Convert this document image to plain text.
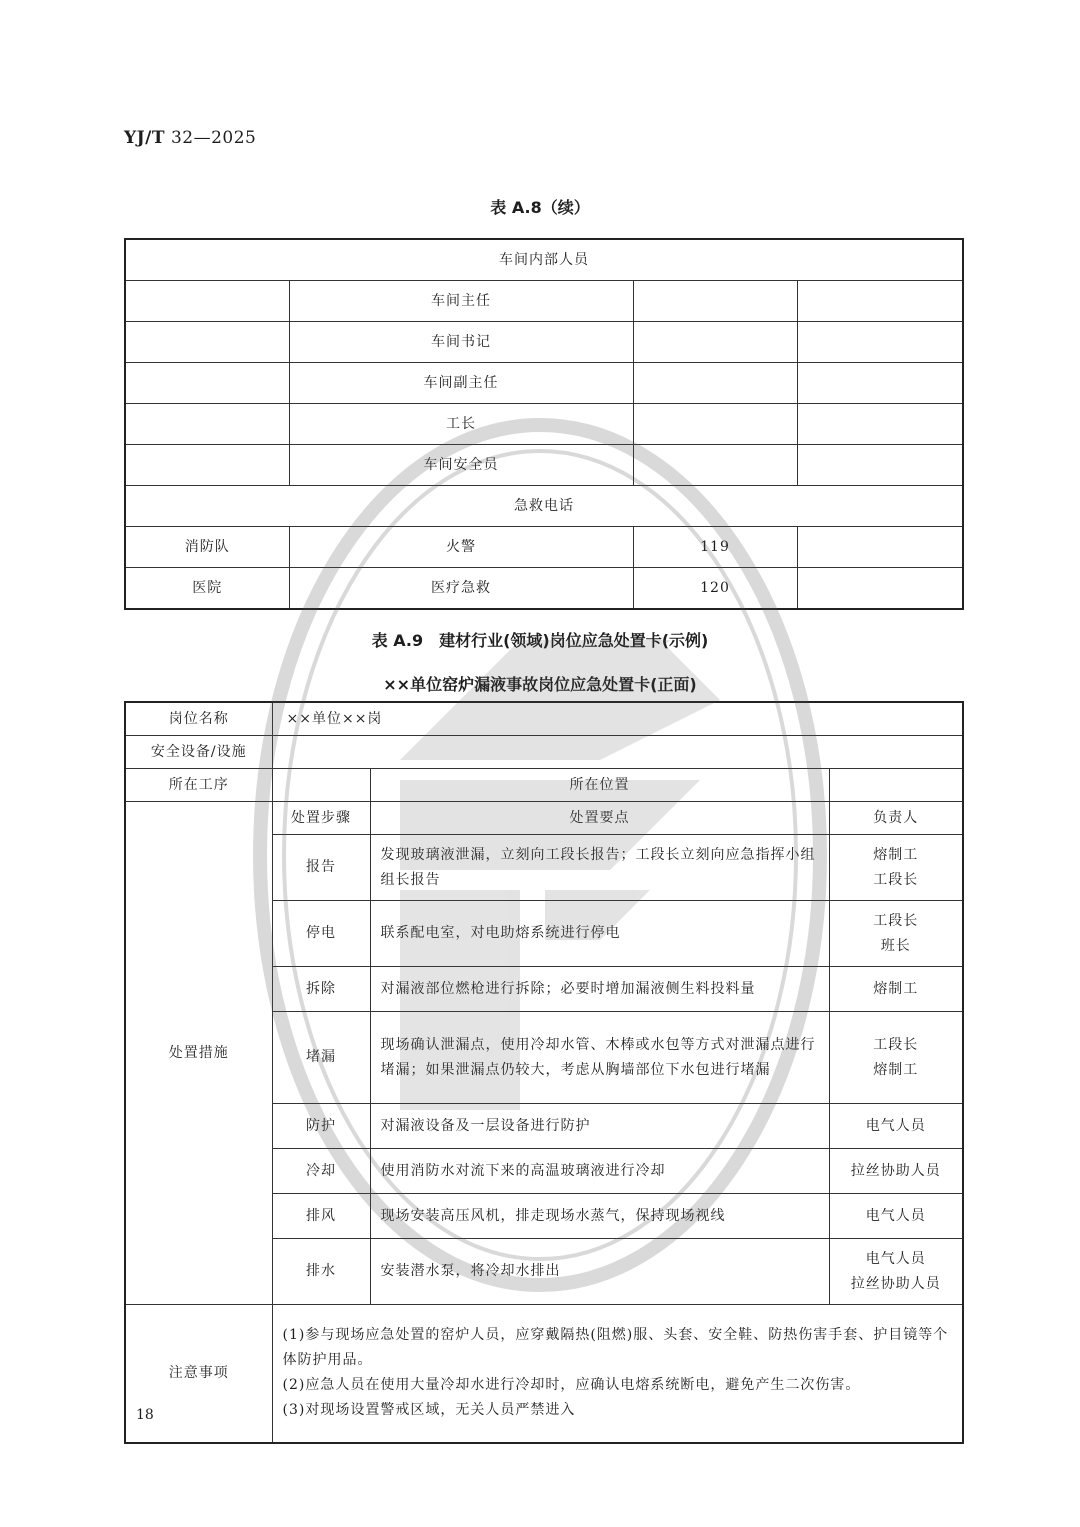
YJ/T 32—2025
表 A.8（续）
车间内部人员			
	车间主任		
	车间书记		
	车间副主任		
	工长		
	车间安全员		
急救电话			
消防队	火警	119	
医院	医疗急救	120	
表 A.9　建材行业(领域)岗位应急处置卡(示例)
××单位窑炉漏液事故岗位应急处置卡(正面)
岗位名称	××单位××岗		
安全设备/设施			
所在工序		所在位置	
处置措施	处置步骤	处置要点	负责人
	报告	发现玻璃液泄漏，立刻向工段长报告；工段长立刻向应急指挥小组组长报告	熔制工
工段长

	停电	联系配电室，对电助熔系统进行停电	工段长
班长

	拆除	对漏液部位燃枪进行拆除；必要时增加漏液侧生料投料量	熔制工

	堵漏	现场确认泄漏点，使用冷却水管、木棒或水包等方式对泄漏点进行堵漏；如果泄漏点仍较大，考虑从胸墙部位下水包进行堵漏	工段长
熔制工

	防护	对漏液设备及一层设备进行防护	电气人员

	冷却	使用消防水对流下来的高温玻璃液进行冷却	拉丝协助人员

	排风	现场安装高压风机，排走现场水蒸气，保持现场视线	电气人员

	排水	安装潜水泵，将冷却水排出	电气人员
拉丝协助人员

注意事项	(1)参与现场应急处置的窑炉人员，应穿戴隔热(阻燃)服、头套、安全鞋、防热伤害手套、护目镜等个体防护用品。
(2)应急人员在使用大量冷却水进行冷却时，应确认电熔系统断电，避免产生二次伤害。
(3)对现场设置警戒区域，无关人员严禁进入		
18
